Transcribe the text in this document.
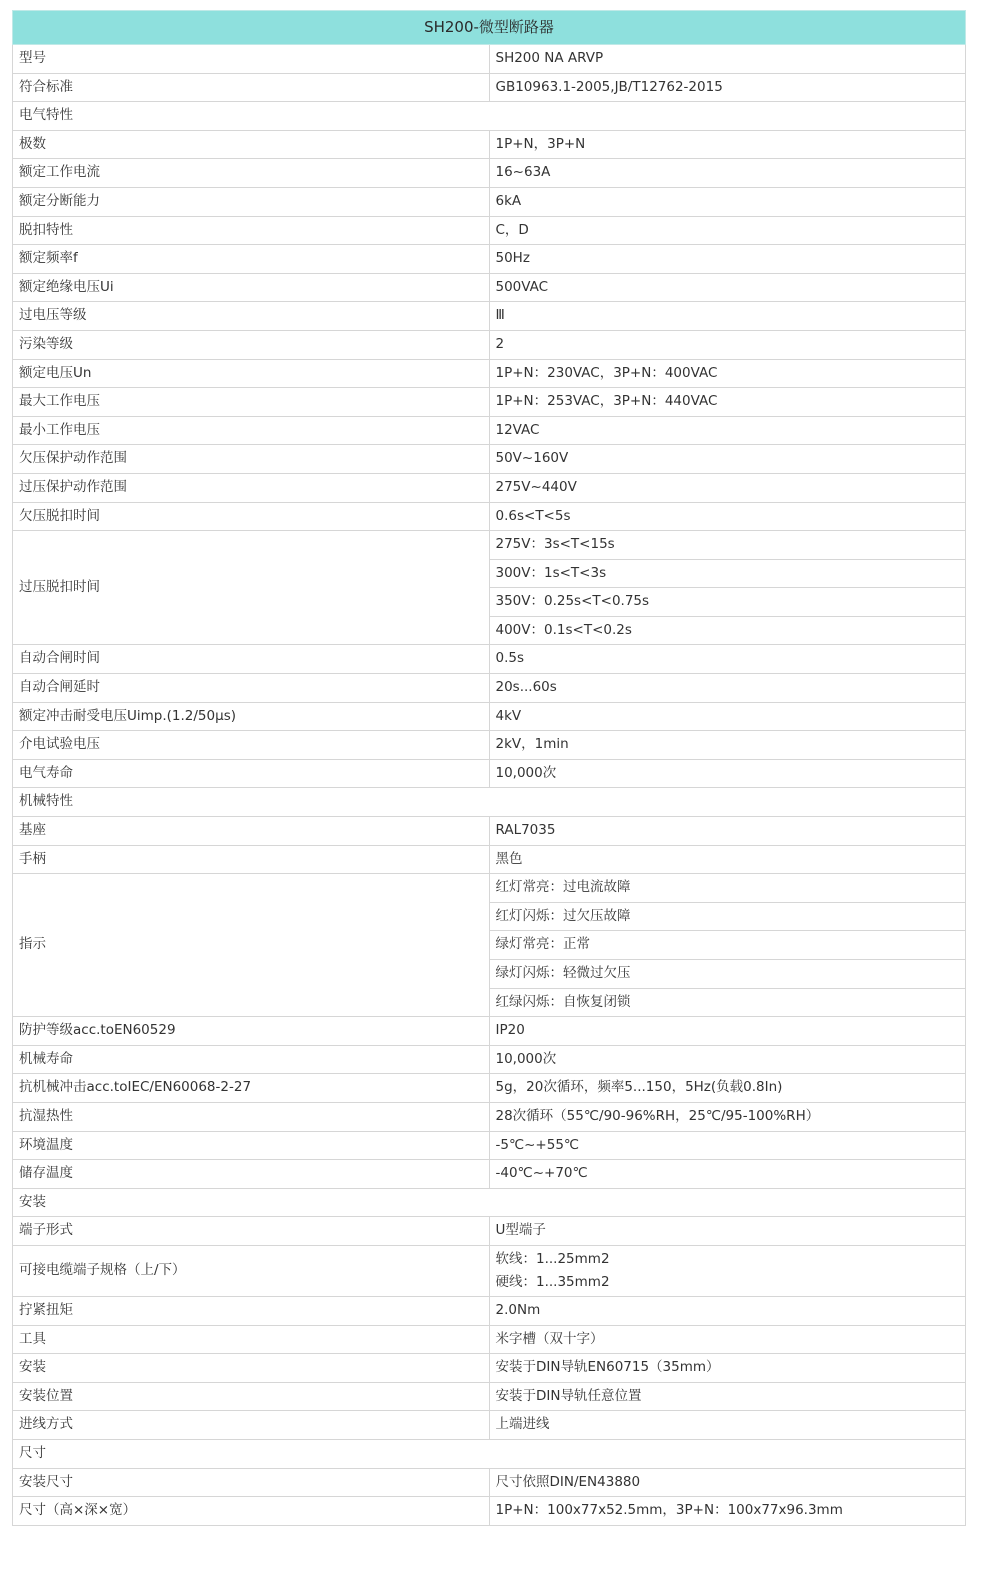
SH200-微型断路器	
型号	SH200 NA ARVP
符合标准	GB10963.1-2005,JB/T12762-2015
电气特性	
极数	1P+N，3P+N
额定工作电流	16~63A
额定分断能力	6kA
脱扣特性	C，D
额定频率f	50Hz
额定绝缘电压Ui	500VAC
过电压等级	Ⅲ
污染等级	2
额定电压Un	1P+N：230VAC，3P+N：400VAC
最大工作电压	1P+N：253VAC，3P+N：440VAC
最小工作电压	12VAC
欠压保护动作范围	50V~160V
过压保护动作范围	275V~440V
欠压脱扣时间	0.6s<T<5s
过压脱扣时间	275V：3s<T<15s
	300V：1s<T<3s
	350V：0.25s<T<0.75s
	400V：0.1s<T<0.2s
自动合闸时间	0.5s
自动合闸延时	20s...60s
额定冲击耐受电压Uimp.(1.2/50μs)	4kV
介电试验电压	2kV，1min
电气寿命	10,000次
机械特性	
基座	RAL7035
手柄	黑色
指示	红灯常亮：过电流故障
	红灯闪烁：过欠压故障
	绿灯常亮：正常
	绿灯闪烁：轻微过欠压
	红绿闪烁：自恢复闭锁
防护等级acc.toEN60529	IP20
机械寿命	10,000次
抗机械冲击acc.toIEC/EN60068-2-27	5g，20次循环，频率5...150，5Hz(负载0.8In)
抗湿热性	28次循环（55℃/90-96%RH，25℃/95-100%RH）
环境温度	-5℃~+55℃
储存温度	-40℃~+70℃
安装	
端子形式	U型端子
可接电缆端子规格（上/下）	软线：1...25mm2
硬线：1...35mm2

拧紧扭矩	2.0Nm
工具	米字槽（双十字）
安装	安装于DIN导轨EN60715（35mm）
安装位置	安装于DIN导轨任意位置
进线方式	上端进线
尺寸	
安装尺寸	尺寸依照DIN/EN43880
尺寸（高×深×宽）	1P+N：100x77x52.5mm，3P+N：100x77x96.3mm
